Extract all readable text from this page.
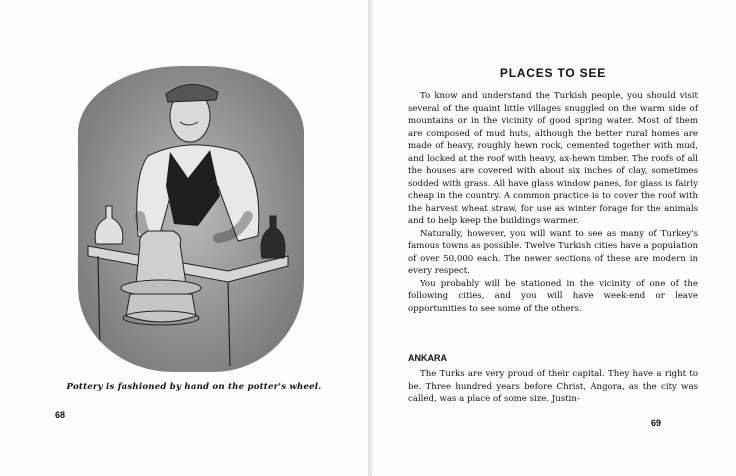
Pottery is fashioned by hand on the potter's wheel.
68
PLACES TO SEE

To know and understand the Turkish people, you should visit several of the quaint little villages snuggled on the warm side of mountains or in the vicinity of good spring water. Most of them are composed of mud huts, although the better rural homes are made of heavy, roughly hewn rock, cemented together with mud, and locked at the roof with heavy, ax-hewn timber. The roofs of all the houses are covered with about six inches of clay, sometimes sodded with grass. All have glass window panes, for glass is fairly cheap in the country. A common practice is to cover the roof with the harvest wheat straw, for use as winter forage for the animals and to help keep the buildings warmer.

Naturally, however, you will want to see as many of Turkey's famous towns as possible. Twelve Turkish cities have a population of over 50,000 each. The newer sections of these are modern in every respect.

You probably will be stationed in the vicinity of one of the following cities, and you will have week-end or leave opportunities to see some of the others.

ANKARA

The Turks are very proud of their capital. They have a right to be. Three hundred years before Christ, Angora, as the city was called, was a place of some size. Justin-

69
